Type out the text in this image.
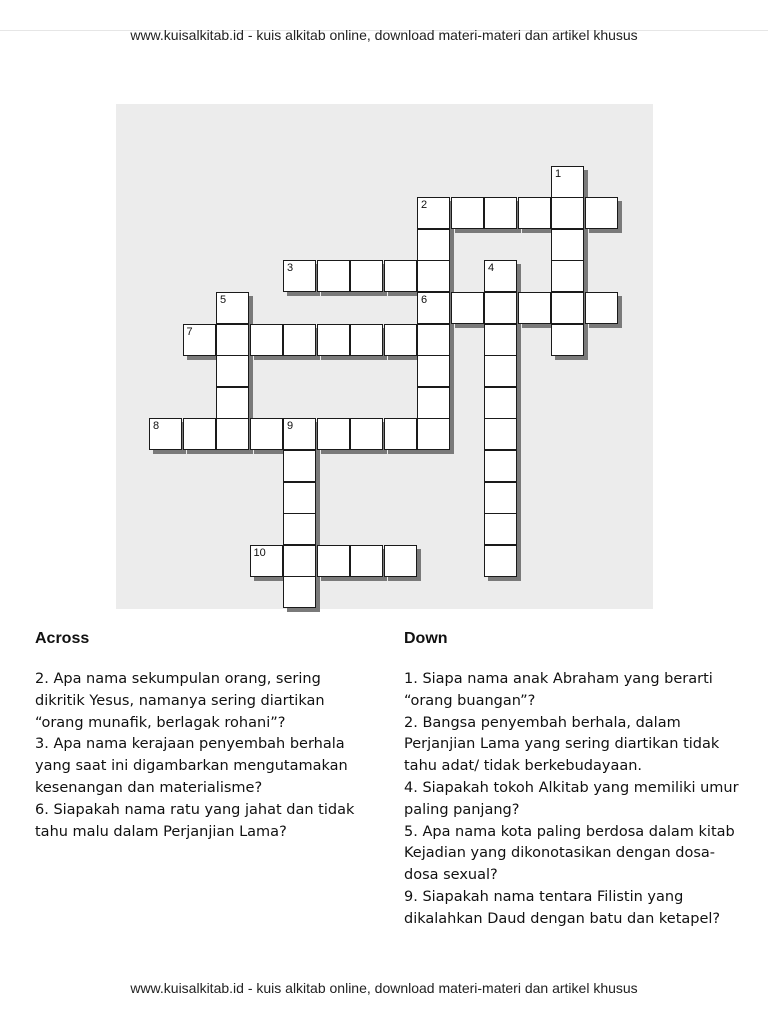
www.kuisalkitab.id - kuis alkitab online, download materi-materi dan artikel khusus
2
3
6
7
8	9
10
1
4
5

Across

2. Apa nama sekumpulan orang, sering dikritik Yesus, namanya sering diartikan “orang munafik, berlagak rohani”?

3. Apa nama kerajaan penyembah berhala yang saat ini digambarkan mengutamakan kesenangan dan materialisme?

6. Siapakah nama ratu yang jahat dan tidak tahu malu dalam Perjanjian Lama?

Down

1. Siapa nama anak Abraham yang berarti “orang buangan”?

2. Bangsa penyembah berhala, dalam Perjanjian Lama yang sering diartikan tidak tahu adat/ tidak berkebudayaan.

4. Siapakah tokoh Alkitab yang memiliki umur paling panjang?

5. Apa nama kota paling berdosa dalam kitab Kejadian yang dikonotasikan dengan dosa-dosa sexual?

9. Siapakah nama tentara Filistin yang dikalahkan Daud dengan batu dan ketapel?

www.kuisalkitab.id - kuis alkitab online, download materi-materi dan artikel khusus
